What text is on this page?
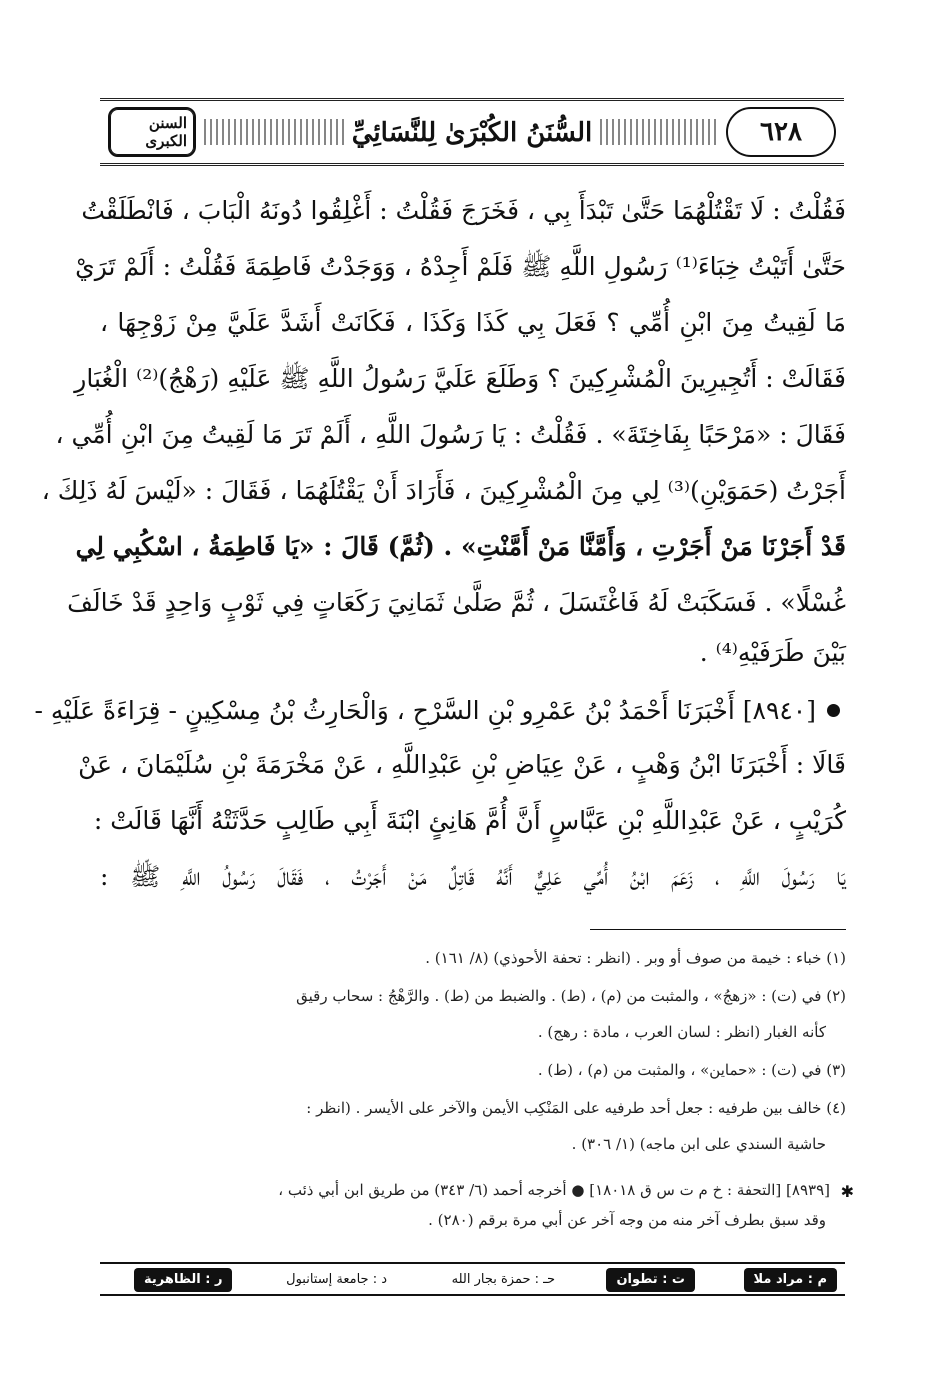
السنن الكبرى	السُّنَنُ الكُبْرَىٰ لِلنَّسَائِيِّ	٦٢٨
فَقُلْتُ : لَا تَقْتُلْهُمَا حَتَّىٰ تَبْدَأَ بِي ، فَخَرَجَ فَقُلْتُ : أَغْلِقُوا دُونَهُ الْبَابَ ، فَانْطَلَقْتُ
حَتَّىٰ أَتَيْتُ خِبَاءَ⁽¹⁾ رَسُولِ اللَّهِ ﷺ فَلَمْ أَجِدْهُ ، وَوَجَدْتُ فَاطِمَةَ فَقُلْتُ : أَلَمْ تَرَيْ
مَا لَقِيتُ مِنَ ابْنِ أُمِّي ؟ فَعَلَ بِي كَذَا وَكَذَا ، فَكَانَتْ أَشَدَّ عَلَيَّ مِنْ زَوْجِهَا ،
فَقَالَتْ : أَتُجِيرِينَ الْمُشْرِكِينَ ؟ وَطَلَعَ عَلَيَّ رَسُولُ اللَّهِ ﷺ عَلَيْهِ (رَهْجُ)⁽²⁾ الْغُبَارِ
فَقَالَ : «مَرْحَبًا بِفَاخِتَةَ» . فَقُلْتُ : يَا رَسُولَ اللَّهِ ، أَلَمْ تَرَ مَا لَقِيتُ مِنَ ابْنِ أُمِّي ،
أَجَرْتُ (حَمَوَيْنِ)⁽³⁾ لِي مِنَ الْمُشْرِكِينَ ، فَأَرَادَ أَنْ يَقْتُلَهُمَا ، فَقَالَ : «لَيْسَ لَهُ ذَلِكَ ،
قَدْ أَجَرْنَا مَنْ أَجَرْتِ ، وَأَمَّنَّا مَنْ أَمَّنْتِ» . (ثُمَّ) قَالَ : «يَا فَاطِمَةُ ، اسْكُبِي لِي
غُسْلًا» . فَسَكَبَتْ لَهُ فَاغْتَسَلَ ، ثُمَّ صَلَّىٰ ثَمَانِيَ رَكَعَاتٍ فِي ثَوْبٍ وَاحِدٍ قَدْ خَالَفَ
بَيْنَ طَرَفَيْهِ⁽⁴⁾ .
[٨٩٤٠] أَخْبَرَنَا أَحْمَدُ بْنُ عَمْرِو بْنِ السَّرْحِ ، وَالْحَارِثُ بْنُ مِسْكِينٍ - قِرَاءَةً عَلَيْهِ -
قَالَا : أَخْبَرَنَا ابْنُ وَهْبٍ ، عَنْ عِيَاضِ بْنِ عَبْدِاللَّهِ ، عَنْ مَخْرَمَةَ بْنِ سُلَيْمَانَ ، عَنْ
كُرَيْبٍ ، عَنْ عَبْدِاللَّهِ بْنِ عَبَّاسٍ أَنَّ أُمَّ هَانِئٍ ابْنَةَ أَبِي طَالِبٍ حَدَّثَتْهُ أَنَّهَا قَالَتْ :
يَا رَسُولَ اللَّهِ ، زَعَمَ ابْنُ أُمِّي عَلِيٌّ أَنَّهُ قَاتِلٌ مَنْ أَجَرْتُ ، فَقَالَ رَسُولُ اللَّهِ ﷺ :
(١) خباء : خيمة من صوف أو وبر . (انظر : تحفة الأحوذي) (٨/ ١٦١) .
(٢) في (ت) : «زهجُ» ، والمثبت من (م) ، (ط) . والضبط من (ط) . والرَّهْجُ : سحاب رقيق
كأنه الغبار (انظر : لسان العرب ، مادة : رهج) .
(٣) في (ت) : «حماين» ، والمثبت من (م) ، (ط) .
(٤) خالف بين طرفيه : جعل أحد طرفيه على المَنْكِب الأيمن والآخر على الأيسر . (انظر :
حاشية السندي على ابن ماجه) (١/ ٣٠٦) .
✱
[٨٩٣٩] [التحفة : خ م ت س ق ١٨٠١٨] ● أخرجه أحمد (٦/ ٣٤٣) من طريق ابن أبي ذئب ،
وقد سبق بطرف آخر منه من وجه آخر عن أبي مرة برقم (٢٨٠) .
م : مراد ملا
ت : تطوان
حـ : حمزة بجار الله
د : جامعة إستانبول
ر : الظاهرية
